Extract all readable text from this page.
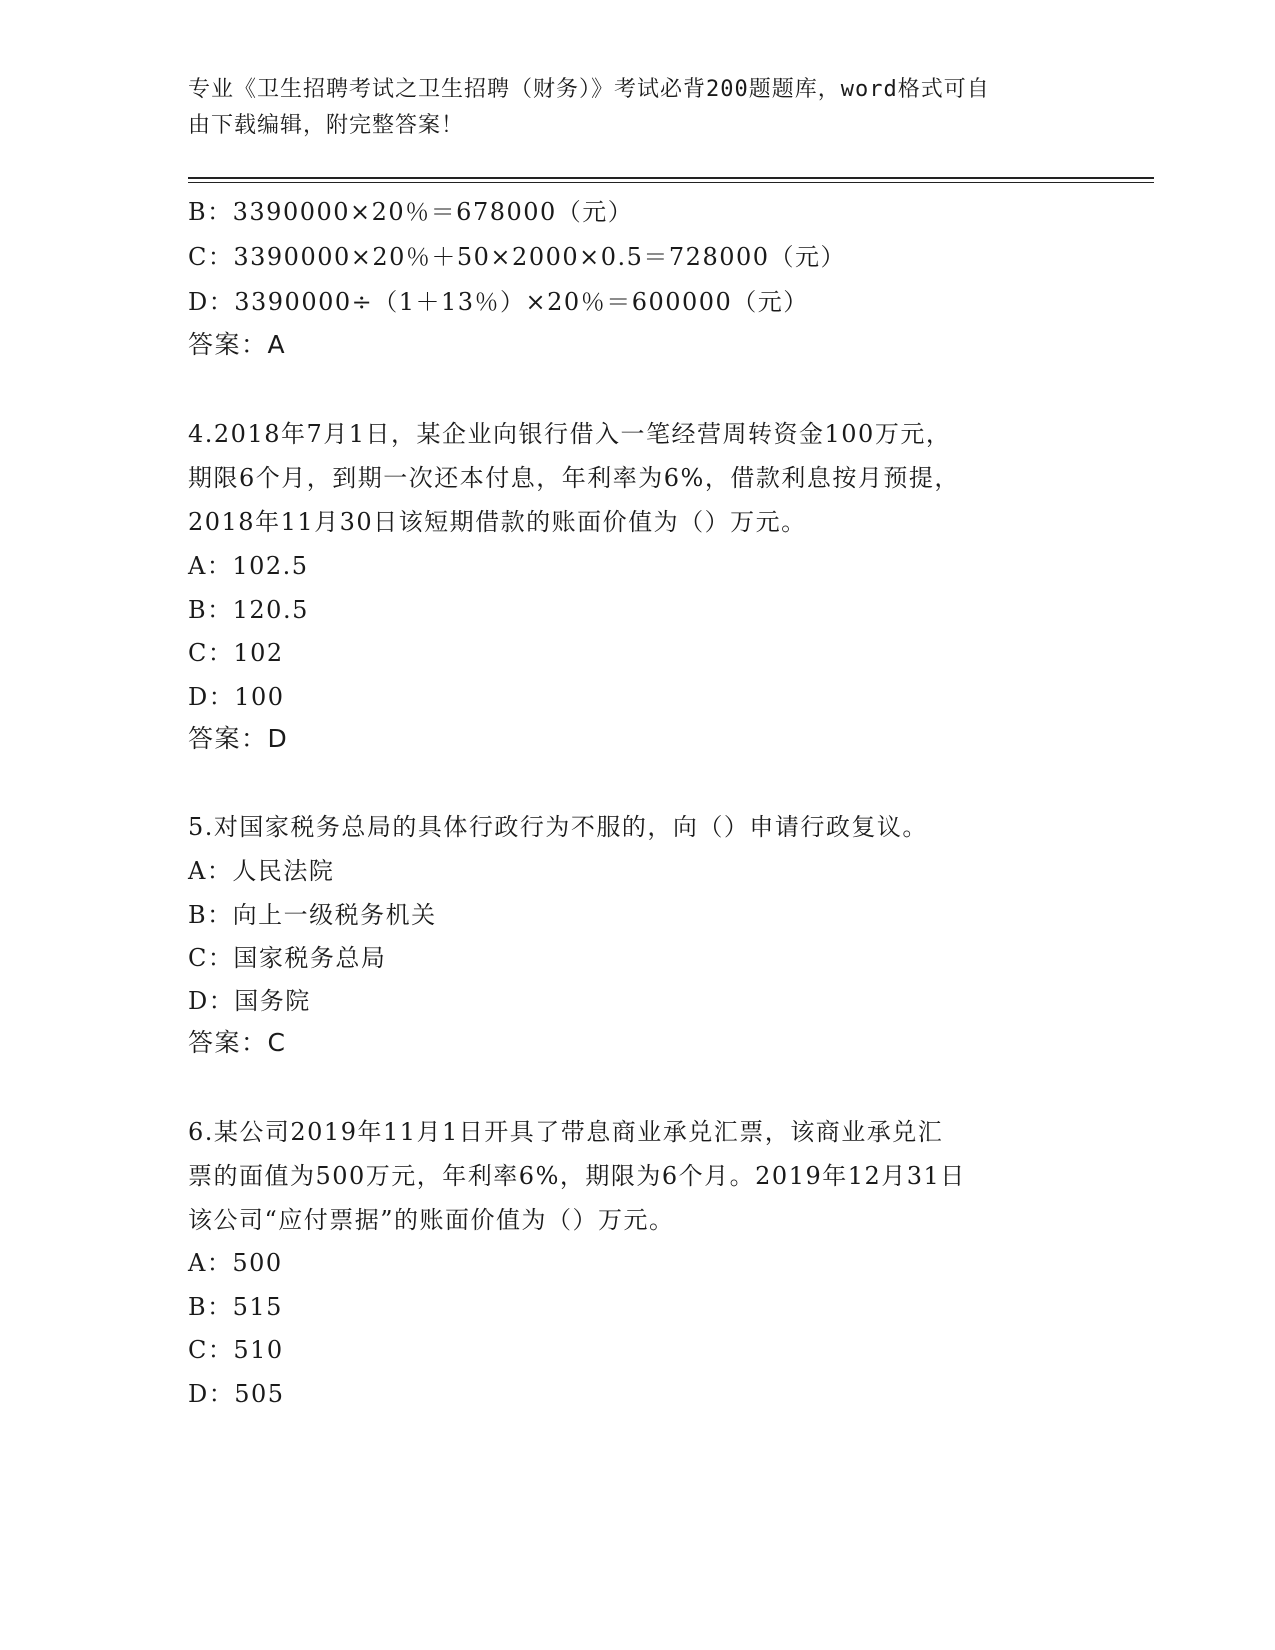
专业《卫生招聘考试之卫生招聘（财务）》考试必背200题题库，word格式可自
由下载编辑，附完整答案！
B：3390000×20％＝678000（元）
C：3390000×20％＋50×2000×0.5＝728000（元）
D：3390000÷（1＋13％）×20％＝600000（元）
答案：A
4.2018年7月1日，某企业向银行借入一笔经营周转资金100万元，
期限6个月，到期一次还本付息，年利率为6%，借款利息按月预提，
2018年11月30日该短期借款的账面价值为（）万元。
A：102.5
B：120.5
C：102
D：100
答案：D
5.对国家税务总局的具体行政行为不服的，向（）申请行政复议。
A：人民法院
B：向上一级税务机关
C：国家税务总局
D：国务院
答案：C
6.某公司2019年11月1日开具了带息商业承兑汇票，该商业承兑汇
票的面值为500万元，年利率6%，期限为6个月。2019年12月31日
该公司“应付票据”的账面价值为（）万元。
A：500
B：515
C：510
D：505
